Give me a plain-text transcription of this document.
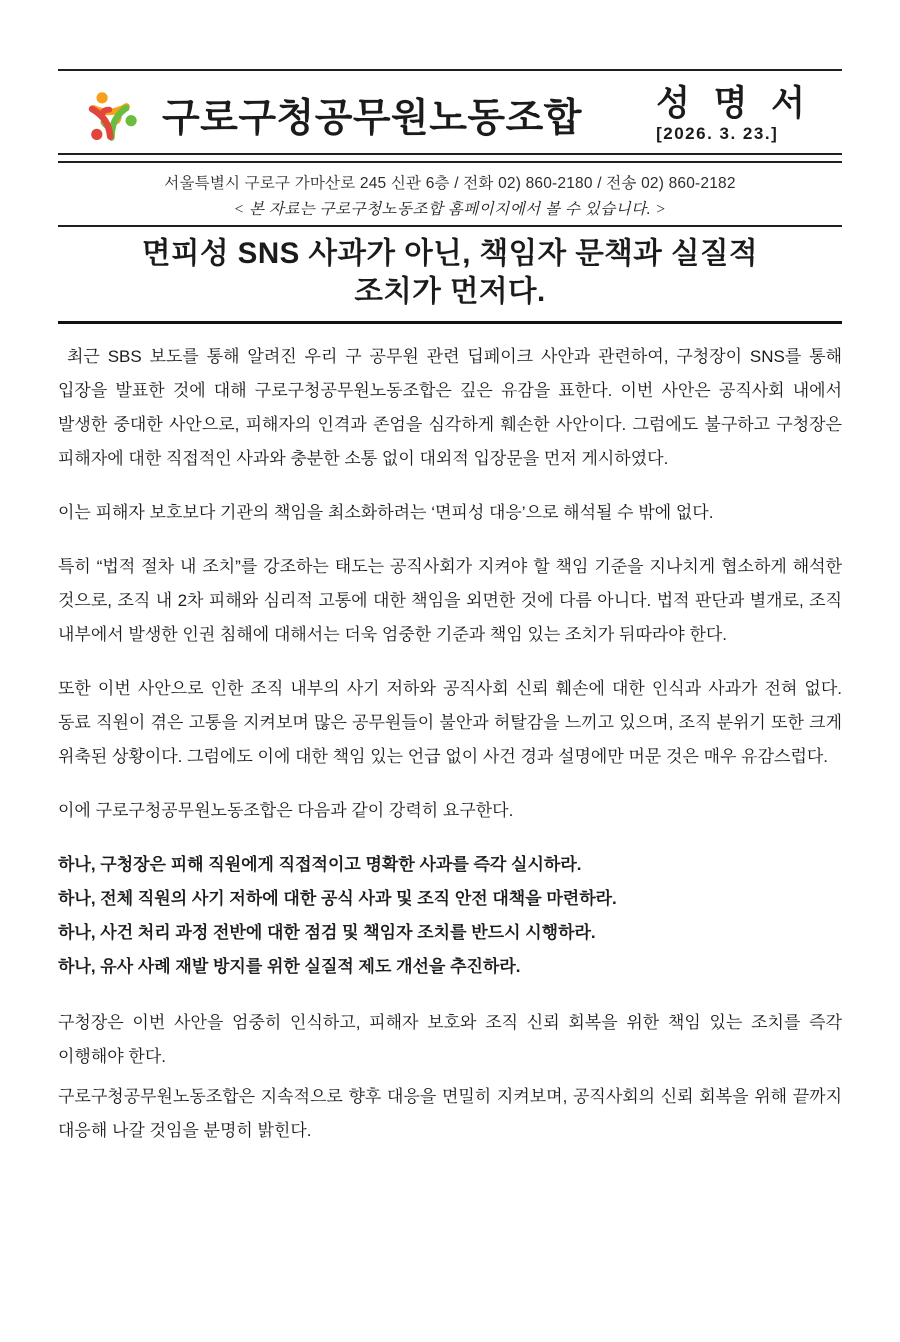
구로구청공무원노동조합 성 명 서
[2026. 3. 23.]
서울특별시 구로구 가마산로 245 신관 6층 / 전화 02) 860-2180 / 전송 02) 860-2182
< 본 자료는 구로구청노동조합 홈페이지에서 볼 수 있습니다. >
면피성 SNS 사과가 아닌, 책임자 문책과 실질적
조치가 먼저다.

최근 SBS 보도를 통해 알려진 우리 구 공무원 관련 딥페이크 사안과 관련하여, 구청장이 SNS를 통해 입장을 발표한 것에 대해 구로구청공무원노동조합은 깊은 유감을 표한다. 이번 사안은 공직사회 내에서 발생한 중대한 사안으로, 피해자의 인격과 존엄을 심각하게 훼손한 사안이다. 그럼에도 불구하고 구청장은 피해자에 대한 직접적인 사과와 충분한 소통 없이 대외적 입장문을 먼저 게시하였다.

이는 피해자 보호보다 기관의 책임을 최소화하려는 ‘면피성 대응’으로 해석될 수 밖에 없다.

특히 “법적 절차 내 조치”를 강조하는 태도는 공직사회가 지켜야 할 책임 기준을 지나치게 협소하게 해석한 것으로, 조직 내 2차 피해와 심리적 고통에 대한 책임을 외면한 것에 다름 아니다. 법적 판단과 별개로, 조직 내부에서 발생한 인권 침해에 대해서는 더욱 엄중한 기준과 책임 있는 조치가 뒤따라야 한다.

또한 이번 사안으로 인한 조직 내부의 사기 저하와 공직사회 신뢰 훼손에 대한 인식과 사과가 전혀 없다. 동료 직원이 겪은 고통을 지켜보며 많은 공무원들이 불안과 허탈감을 느끼고 있으며, 조직 분위기 또한 크게 위축된 상황이다. 그럼에도 이에 대한 책임 있는 언급 없이 사건 경과 설명에만 머문 것은 매우 유감스럽다.

이에 구로구청공무원노동조합은 다음과 같이 강력히 요구한다.

하나, 구청장은 피해 직원에게 직접적이고 명확한 사과를 즉각 실시하라.

하나, 전체 직원의 사기 저하에 대한 공식 사과 및 조직 안전 대책을 마련하라.

하나, 사건 처리 과정 전반에 대한 점검 및 책임자 조치를 반드시 시행하라.

하나, 유사 사례 재발 방지를 위한 실질적 제도 개선을 추진하라.

구청장은 이번 사안을 엄중히 인식하고, 피해자 보호와 조직 신뢰 회복을 위한 책임 있는 조치를 즉각 이행해야 한다.

구로구청공무원노동조합은 지속적으로 향후 대응을 면밀히 지켜보며, 공직사회의 신뢰 회복을 위해 끝까지 대응해 나갈 것임을 분명히 밝힌다.
